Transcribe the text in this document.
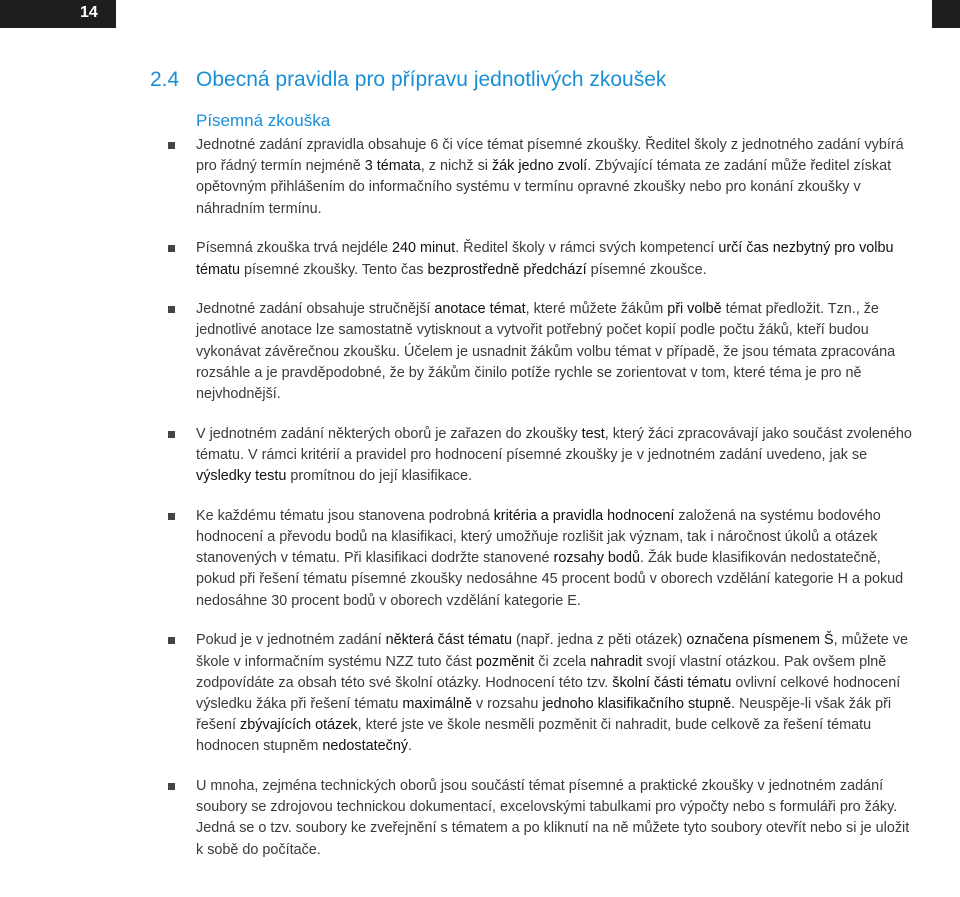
14
2.4 Obecná pravidla pro přípravu jednotlivých zkoušek
Písemná zkouška
Jednotné zadání zpravidla obsahuje 6 či více témat písemné zkoušky. Ředitel školy z jednotného zadání vybírá pro řádný termín nejméně 3 témata, z nichž si žák jedno zvolí. Zbývající témata ze zadání může ředitel získat opětovným přihlášením do informačního systému v termínu opravné zkoušky nebo pro konání zkoušky v náhradním termínu.
Písemná zkouška trvá nejdéle 240 minut. Ředitel školy v rámci svých kompetencí určí čas nezbytný pro volbu tématu písemné zkoušky. Tento čas bezprostředně předchází písemné zkoušce.
Jednotné zadání obsahuje stručnější anotace témat, které můžete žákům při volbě témat předložit. Tzn., že jednotlivé anotace lze samostatně vytisknout a vytvořit potřebný počet kopií podle počtu žáků, kteří budou vykonávat závěrečnou zkoušku. Účelem je usnadnit žákům volbu témat v případě, že jsou témata zpracována rozsáhle a je pravděpodobné, že by žákům činilo potíže rychle se zorientovat v tom, které téma je pro ně nejvhodnější.
V jednotném zadání některých oborů je zařazen do zkoušky test, který žáci zpracovávají jako součást zvoleného tématu. V rámci kritérií a pravidel pro hodnocení písemné zkoušky je v jednotném zadání uvedeno, jak se výsledky testu promítnou do její klasifikace.
Ke každému tématu jsou stanovena podrobná kritéria a pravidla hodnocení založená na systému bodového hodnocení a převodu bodů na klasifikaci, který umožňuje rozlišit jak význam, tak i náročnost úkolů a otázek stanovených v tématu. Při klasifikaci dodržte stanovené rozsahy bodů. Žák bude klasifikován nedostatečně, pokud při řešení tématu písemné zkoušky nedosáhne 45 procent bodů v oborech vzdělání kategorie H a pokud nedosáhne 30 procent bodů v oborech vzdělání kategorie E.
Pokud je v jednotném zadání některá část tématu (např. jedna z pěti otázek) označena písmenem Š, můžete ve škole v informačním systému NZZ tuto část pozměnit či zcela nahradit svojí vlastní otázkou. Pak ovšem plně zodpovídáte za obsah této své školní otázky. Hodnocení této tzv. školní části tématu ovlivní celkové hodnocení výsledku žáka při řešení tématu maximálně v rozsahu jednoho klasifikačního stupně. Neuspěje-li však žák při řešení zbývajících otázek, které jste ve škole nesměli pozměnit či nahradit, bude celkově za řešení tématu hodnocen stupněm nedostatečný.
U mnoha, zejména technických oborů jsou součástí témat písemné a praktické zkoušky v jednotném zadání soubory se zdrojovou technickou dokumentací, excelovskými tabulkami pro výpočty nebo s formuláři pro žáky. Jedná se o tzv. soubory ke zveřejnění s tématem a po kliknutí na ně můžete tyto soubory otevřít nebo si je uložit k sobě do počítače.
